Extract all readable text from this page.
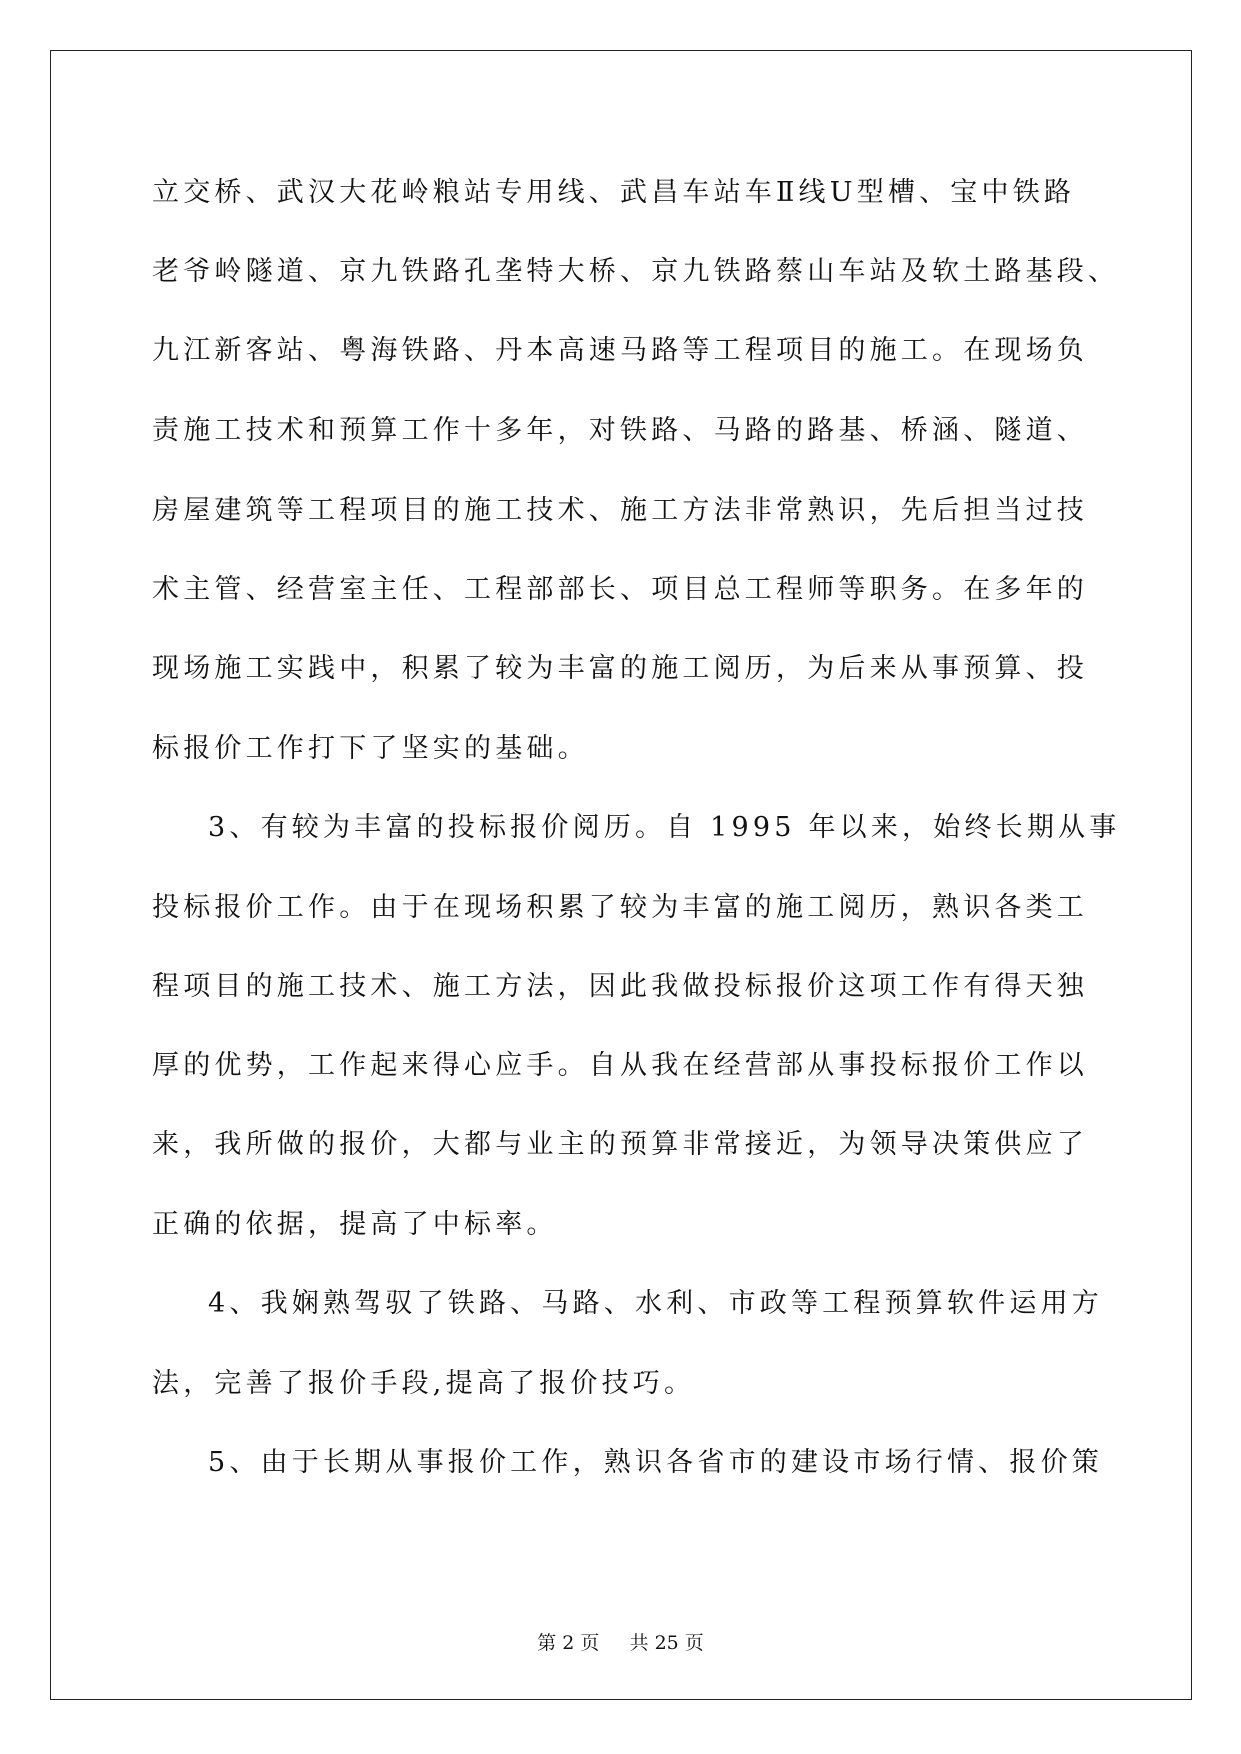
立交桥、武汉大花岭粮站专用线、武昌车站车Ⅱ线U型槽、宝中铁路
老爷岭隧道、京九铁路孔垄特大桥、京九铁路蔡山车站及软土路基段、
九江新客站、粤海铁路、丹本高速马路等工程项目的施工。在现场负
责施工技术和预算工作十多年，对铁路、马路的路基、桥涵、隧道、
房屋建筑等工程项目的施工技术、施工方法非常熟识，先后担当过技
术主管、经营室主任、工程部部长、项目总工程师等职务。在多年的
现场施工实践中，积累了较为丰富的施工阅历，为后来从事预算、投
标报价工作打下了坚实的基础。
3、有较为丰富的投标报价阅历。自 1995 年以来，始终长期从事
投标报价工作。由于在现场积累了较为丰富的施工阅历，熟识各类工
程项目的施工技术、施工方法，因此我做投标报价这项工作有得天独
厚的优势，工作起来得心应手。自从我在经营部从事投标报价工作以
来，我所做的报价，大都与业主的预算非常接近，为领导决策供应了
正确的依据，提高了中标率。
4、我娴熟驾驭了铁路、马路、水利、市政等工程预算软件运用方
法，完善了报价手段,提高了报价技巧。
5、由于长期从事报价工作，熟识各省市的建设市场行情、报价策
第 2 页 共 25 页
